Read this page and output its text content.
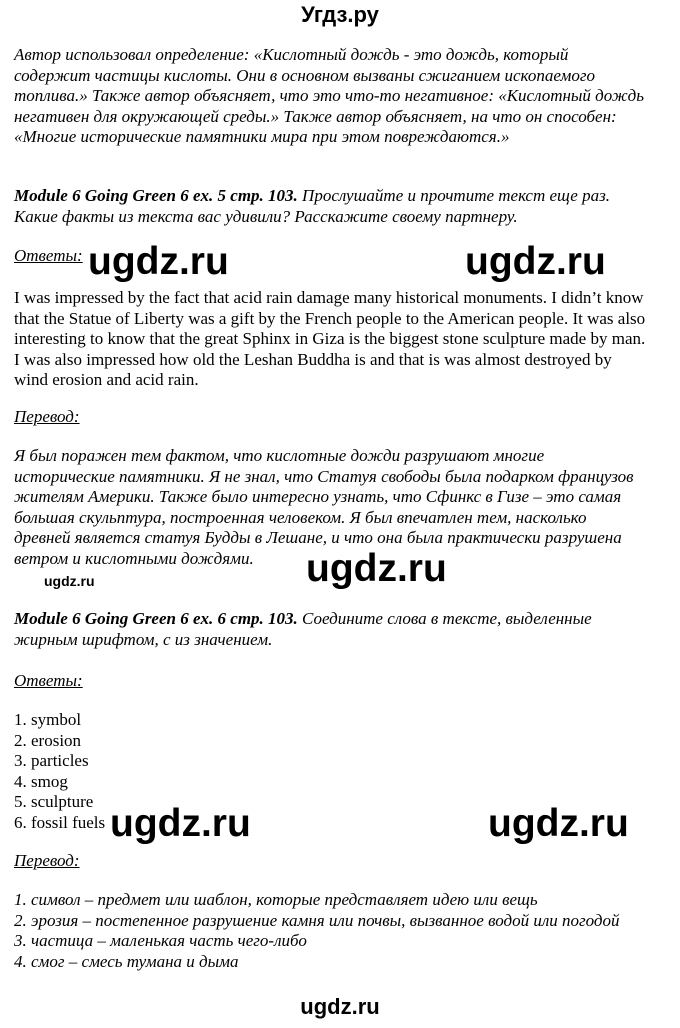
Угдз.ру
Автор использовал определение: «Кислотный дождь - это дождь, который
содержит частицы кислоты. Они в основном вызваны сжиганием ископаемого
топлива.» Также автор объясняет, что это что-то негативное: «Кислотный дождь
негативен для окружающей среды.» Также автор объясняет, на что он способен:
«Многие исторические памятники мира при этом повреждаются.»
Module 6 Going Green 6 ex. 5 стр. 103. Прослушайте и прочтите текст еще раз.
Какие факты из текста вас удивили? Расскажите своему партнеру.
Ответы: ugdz.ru	ugdz.ru
I was impressed by the fact that acid rain damage many historical monuments. I didn’t know
that the Statue of Liberty was a gift by the French people to the American people. It was also
interesting to know that the great Sphinx in Giza is the biggest stone sculpture made by man.
I was also impressed how old the Leshan Buddha is and that is was almost destroyed by
wind erosion and acid rain.
Перевод:
Я был поражен тем фактом, что кислотные дожди разрушают многие
исторические памятники. Я не знал, что Статуя свободы была подарком французов
жителям Америки. Также было интересно узнать, что Сфинкс в Гизе – это самая
большая скульптура, построенная человеком. Я был впечатлен тем, насколько
древней является статуя Будды в Лешане, и что она была практически разрушена
ветром и кислотными дождями.
ugdz.ru	ugdz.ru
Module 6 Going Green 6 ex. 6 стр. 103. Соедините слова в тексте, выделенные
жирным шрифтом, с из значением.
Ответы:
1. symbol
2. erosion
3. particles
4. smog
5. sculpture
6. fossil fuels ugdz.ru	ugdz.ru
Перевод:
1. символ – предмет или шаблон, которые представляет идею или вещь
2. эрозия – постепенное разрушение камня или почвы, вызванное водой или погодой
3. частица – маленькая часть чего-либо
4. смог – смесь тумана и дыма
ugdz.ru
